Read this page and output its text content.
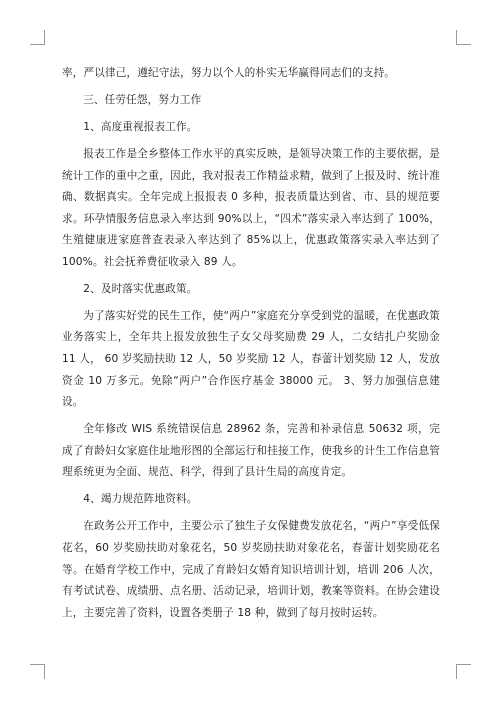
率，严以律己，遵纪守法，努力以个人的朴实无华赢得同志们的支持。

三、任劳任怨，努力工作

1、高度重视报表工作。

报表工作是全乡整体工作水平的真实反映，是领导决策工作的主要依据，是统计工作的重中之重，因此，我对报表工作精益求精，做到了上报及时、统计准确、数据真实。全年完成上报报表 0 多种，报表质量达到省、市、县的规范要求。环孕情服务信息录入率达到 90%以上，“四术”落实录入率达到了 100%，生殖健康进家庭普查表录入率达到了 85%以上，优惠政策落实录入率达到了 100%。社会抚养费征收录入 89 人。

2、及时落实优惠政策。

为了落实好党的民生工作，使“两户”家庭充分享受到党的温暖，在优惠政策业务落实上，全年共上报发放独生子女父母奖励费 29 人，二女结扎户奖励金 11 人， 60 岁奖励扶助 12 人，50 岁奖励 12 人，春蕾计划奖励 12 人，发放资金 10 万多元。免除“两户”合作医疗基金 38000 元。 3、努力加强信息建设。

全年修改 WIS 系统错误信息 28962 条，完善和补录信息 50632 项，完成了育龄妇女家庭住址地形图的全部运行和挂接工作，使我乡的计生工作信息管理系统更为全面、规范、科学，得到了县计生局的高度肯定。

4、竭力规范阵地资料。

在政务公开工作中，主要公示了独生子女保健费发放花名，“两户”享受低保花名，60 岁奖励扶助对象花名，50 岁奖励扶助对象花名，春蕾计划奖励花名等。在婚育学校工作中，完成了育龄妇女婚育知识培训计划，培训 206 人次，有考试试卷、成绩册、点名册、活动记录，培训计划，教案等资料。在协会建设上，主要完善了资料，设置各类册子 18 种，做到了每月按时运转。
